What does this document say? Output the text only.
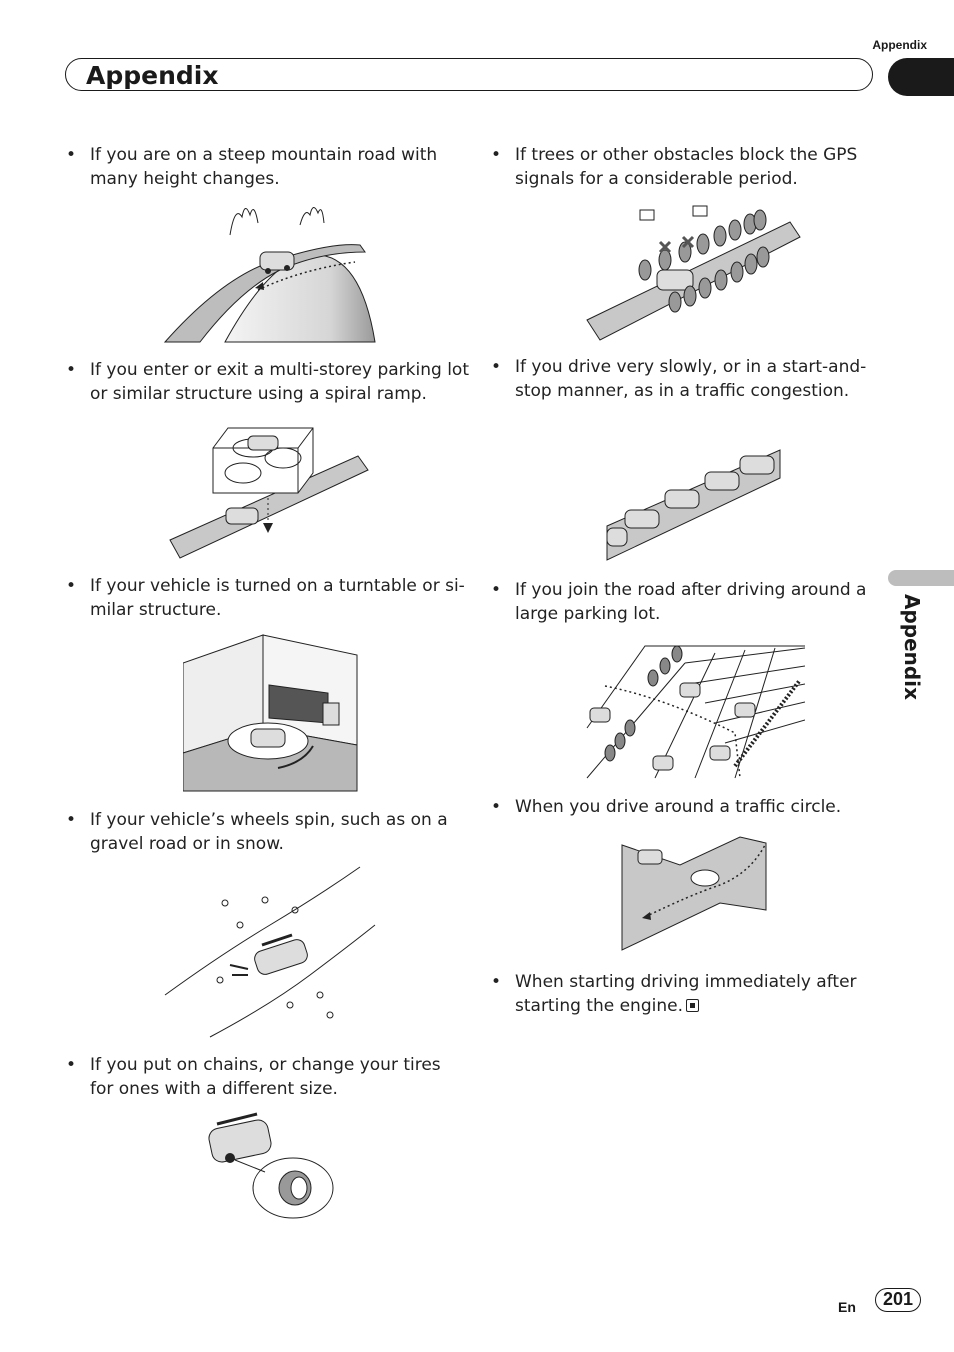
Appendix
Appendix
Appendix
• If you are on a steep mountain road with
many height changes.
• If you enter or exit a multi-storey parking lot
or similar structure using a spiral ramp.
• If your vehicle is turned on a turntable or si-
milar structure.
• If your vehicle’s wheels spin, such as on a
gravel road or in snow.
• If you put on chains, or change your tires
for ones with a different size.
• If trees or other obstacles block the GPS
signals for a considerable period.
• If you drive very slowly, or in a start-and-
stop manner, as in a traffic congestion.
• If you join the road after driving around a
large parking lot.
• When you drive around a traffic circle.
• When starting driving immediately after
starting the engine.
En	201
